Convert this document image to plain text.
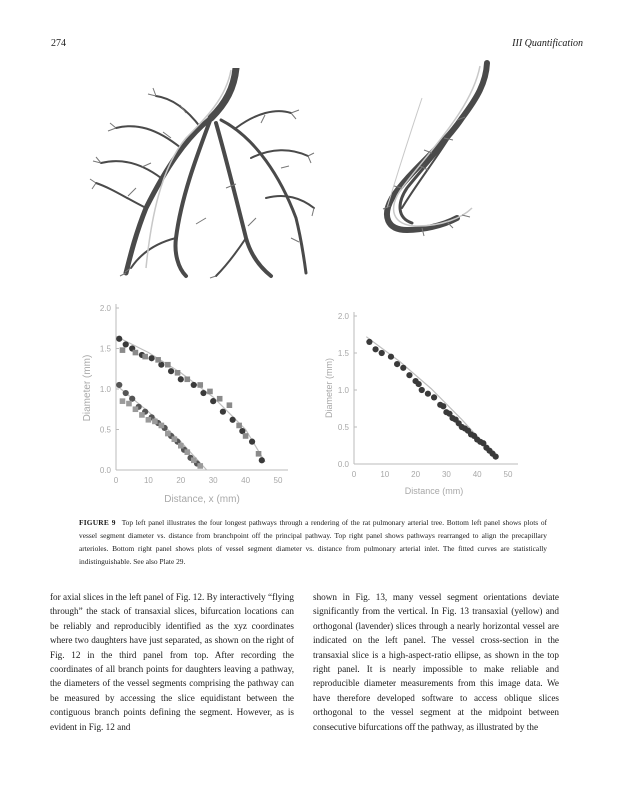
274	III Quantification
0	10	20	30	40	50
0.0
0.5
1.0
1.5
2.0
Distance, x (mm)
Diameter (mm)
0	10	20	30	40	50
0.0
0.5
1.0
1.5
2.0
Distance (mm)
Diameter (mm)
FIGURE 9 Top left panel illustrates the four longest pathways through a rendering of the rat pulmonary arterial tree. Bottom left panel shows plots of vessel segment diameter vs. distance from branchpoint off the principal pathway. Top right panel shows pathways rearranged to align the precapillary arterioles. Bottom right panel shows plots of vessel segment diameter vs. distance from pulmonary arterial inlet. The fitted curves are statistically indistinguishable. See also Plate 29.
for axial slices in the left panel of Fig. 12. By interactively “flying through” the stack of transaxial slices, bifurcation locations can be reliably and reproducibly identified as the xyz coordinates where two daughters have just separated, as shown on the right of Fig. 12 in the third panel from top. After recording the coordinates of all branch points for daughters leaving a pathway, the diameters of the vessel segments comprising the pathway can be measured by accessing the slice equidistant between the contiguous branch points defining the segment. However, as is evident in Fig. 12 and
shown in Fig. 13, many vessel segment orientations deviate significantly from the vertical. In Fig. 13 transaxial (yellow) and orthogonal (lavender) slices through a nearly horizontal vessel are indicated on the left panel. The vessel cross-section in the transaxial slice is a high-aspect-ratio ellipse, as shown in the top right panel. It is nearly impossible to make reliable and reproducible diameter measurements from this image data. We have therefore developed software to access oblique slices orthogonal to the vessel segment at the midpoint between consecutive bifurcations off the pathway, as illustrated by the
